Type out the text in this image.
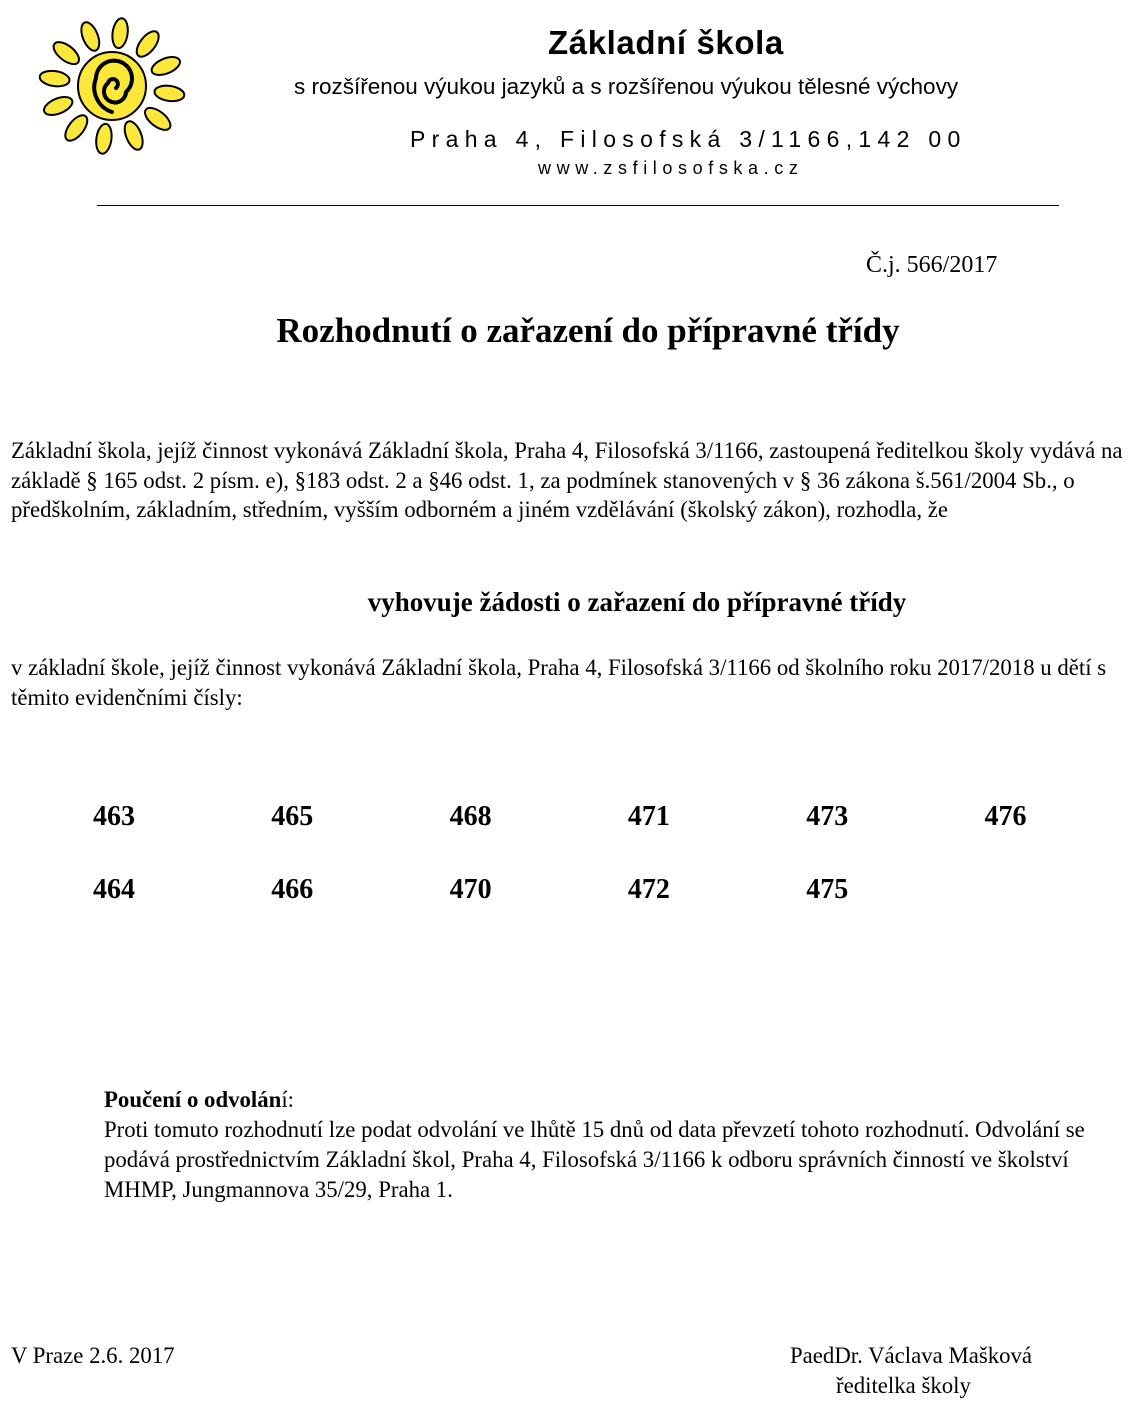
Základní škola
s rozšířenou výukou jazyků a s rozšířenou výukou tělesné výchovy
Praha 4, Filosofská 3/1166,142 00
www.zsfilosofska.cz
Č.j. 566/2017
Rozhodnutí o zařazení do přípravné třídy
Základní škola, jejíž činnost vykonává Základní škola, Praha 4, Filosofská 3/1166, zastoupená ředitelkou školy vydává na základě § 165 odst. 2 písm. e), §183 odst. 2 a §46 odst. 1, za podmínek stanovených v § 36 zákona š.561/2004 Sb., o předškolním, základním, středním, vyšším odborném a jiném vzdělávání (školský zákon), rozhodla, že
vyhovuje žádosti o zařazení do přípravné třídy
v základní škole, jejíž činnost vykonává Základní škola, Praha 4, Filosofská 3/1166 od školního roku 2017/2018 u dětí s těmito evidenčními čísly:
463	465	468	471	473	476
464	466	470	472	475
Poučení o odvolání:
Proti tomuto rozhodnutí lze podat odvolání ve lhůtě 15 dnů od data převzetí tohoto rozhodnutí. Odvolání se podává prostřednictvím Základní škol, Praha 4, Filosofská 3/1166 k odboru správních činností ve školství MHMP, Jungmannova 35/29, Praha 1.
V Praze 2.6. 2017	PaedDr. Václava Mašková
ředitelka školy
